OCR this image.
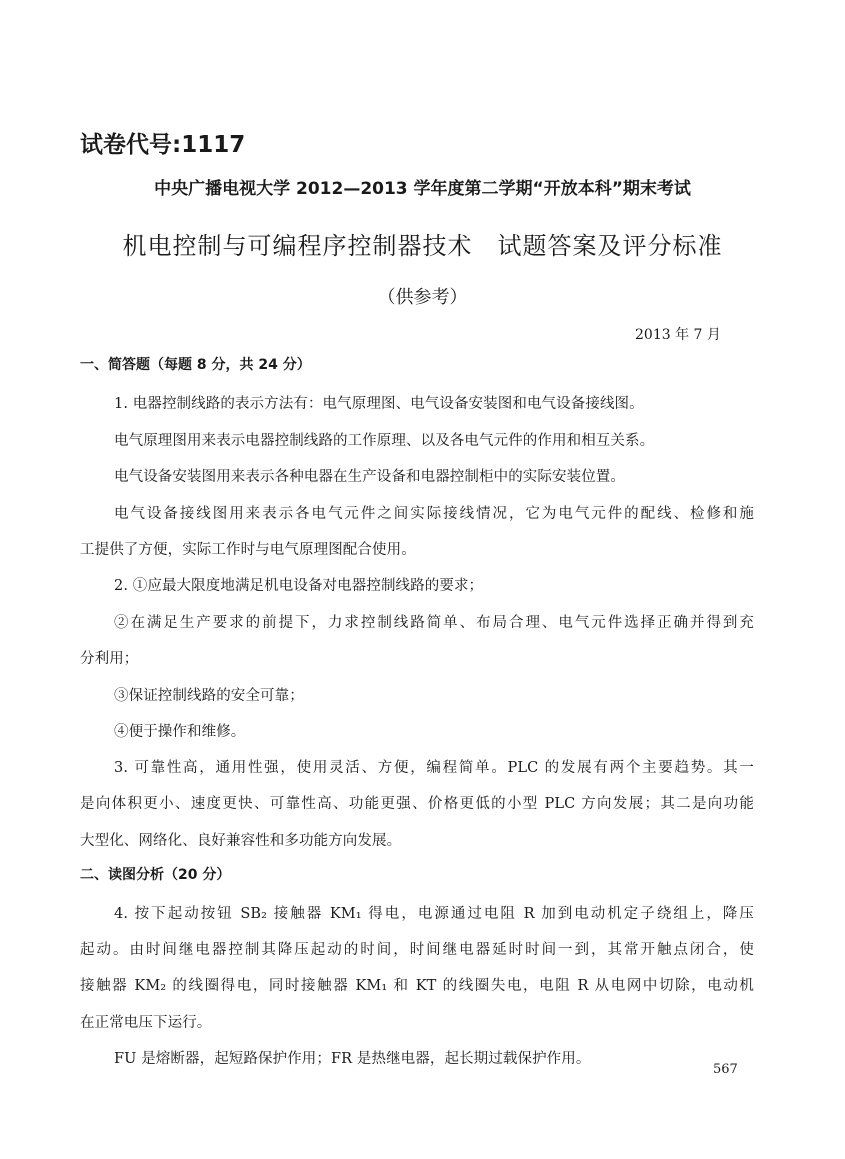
试卷代号:1117
中央广播电视大学 2012—2013 学年度第二学期“开放本科”期末考试
机电控制与可编程序控制器技术　试题答案及评分标准
（供参考）
2013 年 7 月
一、简答题（每题 8 分，共 24 分）
1. 电器控制线路的表示方法有：电气原理图、电气设备安装图和电气设备接线图。
电气原理图用来表示电器控制线路的工作原理、以及各电气元件的作用和相互关系。
电气设备安装图用来表示各种电器在生产设备和电器控制柜中的实际安装位置。
电气设备接线图用来表示各电气元件之间实际接线情况，它为电气元件的配线、检修和施
工提供了方便，实际工作时与电气原理图配合使用。
2. ①应最大限度地满足机电设备对电器控制线路的要求；
②在满足生产要求的前提下，力求控制线路简单、布局合理、电气元件选择正确并得到充
分利用；
③保证控制线路的安全可靠；
④便于操作和维修。
3. 可靠性高，通用性强，使用灵活、方便，编程简单。PLC 的发展有两个主要趋势。其一
是向体积更小、速度更快、可靠性高、功能更强、价格更低的小型 PLC 方向发展；其二是向功能
大型化、网络化、良好兼容性和多功能方向发展。
二、读图分析（20 分）
4. 按下起动按钮 SB₂ 接触器 KM₁ 得电，电源通过电阻 R 加到电动机定子绕组上，降压
起动。由时间继电器控制其降压起动的时间，时间继电器延时时间一到，其常开触点闭合，使
接触器 KM₂ 的线圈得电，同时接触器 KM₁ 和 KT 的线圈失电，电阻 R 从电网中切除，电动机
在正常电压下运行。
FU 是熔断器，起短路保护作用；FR 是热继电器，起长期过载保护作用。
567
